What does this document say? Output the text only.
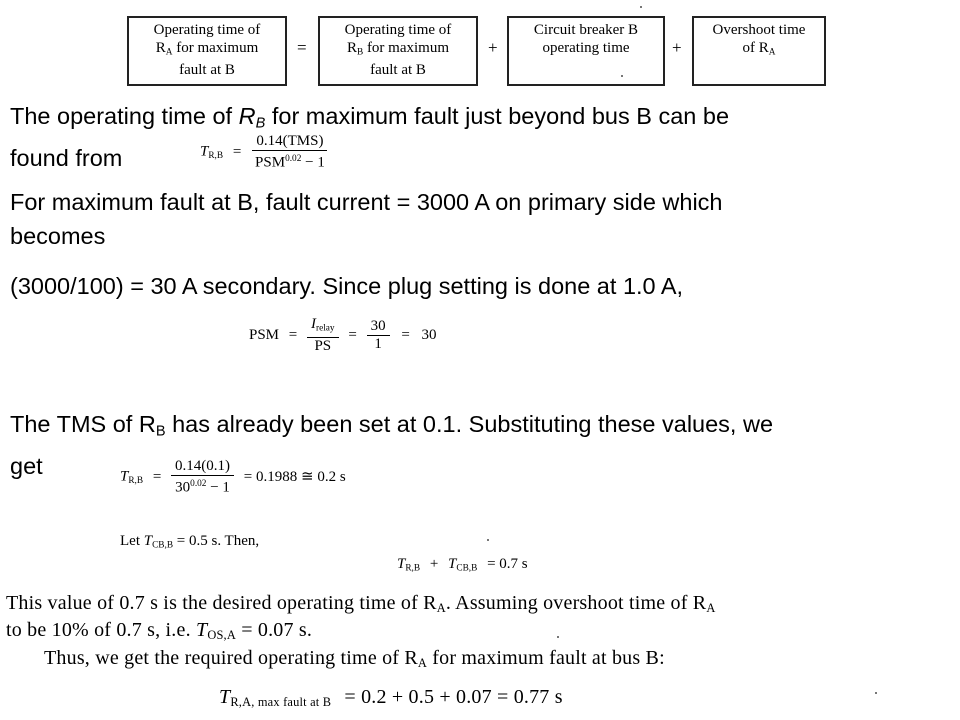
Operating time of
$R_A$ for maximum
fault at B
=
Operating time of
$R_B$ for maximum
fault at B
+
Circuit breaker B
operating time	+
Overshoot time
of $R_A$
The operating time of $R_B$ for maximum fault just beyond bus B can be
found from	$T_{R,B} = \frac{\text{0.14(TMS)}}{PSM^{0.02} - 1}$
For maximum fault at B, fault current = 3000 A on primary side which
becomes
(3000/100) = 30 A secondary. Since plug setting is done at 1.0 A,
PSM = $\frac{I_{relay}}{PS} = \frac{30}{1} = 30$
The TMS of $R_B$ has already been set at 0.1. Substituting these values, we
get	$T_{R,B} = \frac{0.14(0.1)}{30^{0.02} - 1} = 0.1988$ ≅ 0.2 s
Let $T_{CB,B} = 0.5$ s. Then,
$T_{R,B} + T_{CB,B} = 0.7$ s
This value of 0.7 s is the desired operating time of $R_A$. Assuming overshoot time of $R_A$
to be 10% of 0.7 s, i.e. $T_{OS,A} = 0.07$ s.
Thus, we get the required operating time of $R_A$ for maximum fault at bus B:
$T_{R,A, max fault at B} = 0.2 + 0.5 + 0.07 = 0.77$ s
